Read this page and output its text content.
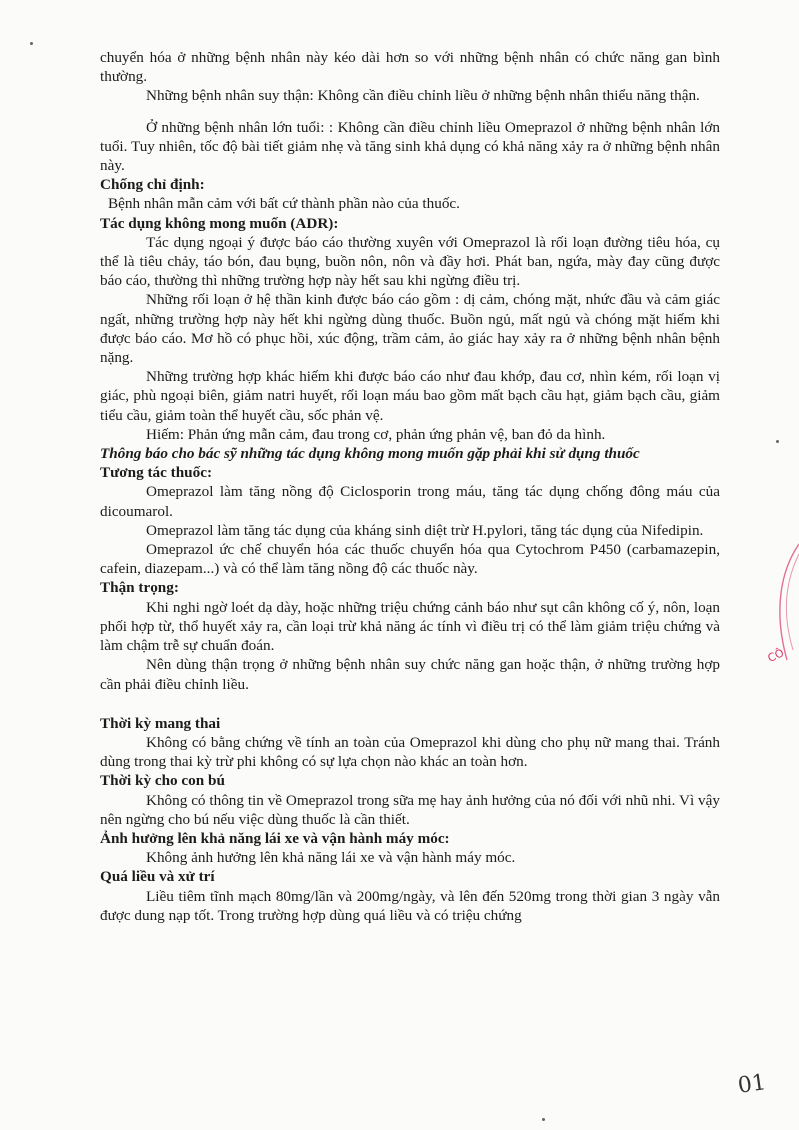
chuyển hóa ở những bệnh nhân này kéo dài hơn so với những bệnh nhân có chức năng gan bình thường.

Những bệnh nhân suy thận: Không cần điều chỉnh liều ở những bệnh nhân thiểu năng thận.

Ở những bệnh nhân lớn tuổi: : Không cần điều chỉnh liều Omeprazol ở những bệnh nhân lớn tuổi. Tuy nhiên, tốc độ bài tiết giảm nhẹ và tăng sinh khả dụng có khả năng xảy ra ở những bệnh nhân này.

Chống chỉ định:

Bệnh nhân mẫn cảm với bất cứ thành phần nào của thuốc.

Tác dụng không mong muốn (ADR):

Tác dụng ngoại ý được báo cáo thường xuyên với Omeprazol là rối loạn đường tiêu hóa, cụ thể là tiêu chảy, táo bón, đau bụng, buồn nôn, nôn và đầy hơi. Phát ban, ngứa, mày đay cũng được báo cáo, thường thì những trường hợp này hết sau khi ngừng điều trị.

Những rối loạn ở hệ thần kinh được báo cáo gồm : dị cảm, chóng mặt, nhức đầu và cảm giác ngất, những trường hợp này hết khi ngừng dùng thuốc. Buồn ngủ, mất ngủ và chóng mặt hiếm khi được báo cáo. Mơ hồ có phục hồi, xúc động, trầm cảm, ảo giác hay xảy ra ở những bệnh nhân bệnh nặng.

Những trường hợp khác hiếm khi được báo cáo như đau khớp, đau cơ, nhìn kém, rối loạn vị giác, phù ngoại biên, giảm natri huyết, rối loạn máu bao gồm mất bạch cầu hạt, giảm bạch cầu, giảm tiểu cầu, giảm toàn thể huyết cầu, sốc phản vệ.

Hiếm: Phản ứng mẫn cảm, đau trong cơ, phản ứng phản vệ, ban đỏ da hình.

Thông báo cho bác sỹ những tác dụng không mong muốn gặp phải khi sử dụng thuốc

Tương tác thuốc:

Omeprazol làm tăng nồng độ Ciclosporin trong máu, tăng tác dụng chống đông máu của dicoumarol.

Omeprazol làm tăng tác dụng của kháng sinh diệt trừ H.pylori, tăng tác dụng của Nifedipin.

Omeprazol ức chế chuyển hóa các thuốc chuyển hóa qua Cytochrom P450 (carbamazepin, cafein, diazepam...) và có thể làm tăng nồng độ các thuốc này.

Thận trọng:

Khi nghi ngờ loét dạ dày, hoặc những triệu chứng cảnh báo như sụt cân không cố ý, nôn, loạn phối hợp từ, thổ huyết xảy ra, cần loại trừ khả năng ác tính vì điều trị có thể làm giảm triệu chứng và làm chậm trễ sự chuẩn đoán.

Nên dùng thận trọng ở những bệnh nhân suy chức năng gan hoặc thận, ở những trường hợp cần phải điều chỉnh liều.

Thời kỳ mang thai

Không có bằng chứng về tính an toàn của Omeprazol khi dùng cho phụ nữ mang thai. Tránh dùng trong thai kỳ trừ phi không có sự lựa chọn nào khác an toàn hơn.

Thời kỳ cho con bú

Không có thông tin về Omeprazol trong sữa mẹ hay ảnh hưởng của nó đối với nhũ nhi. Vì vậy nên ngừng cho bú nếu việc dùng thuốc là cần thiết.

Ảnh hưởng lên khả năng lái xe và vận hành máy móc:

Không ảnh hưởng lên khả năng lái xe và vận hành máy móc.

Quá liều và xử trí

Liều tiêm tĩnh mạch 80mg/lần và 200mg/ngày, và lên đến 520mg trong thời gian 3 ngày vẫn được dung nạp tốt. Trong trường hợp dùng quá liều và có triệu chứng

CÔ
01
